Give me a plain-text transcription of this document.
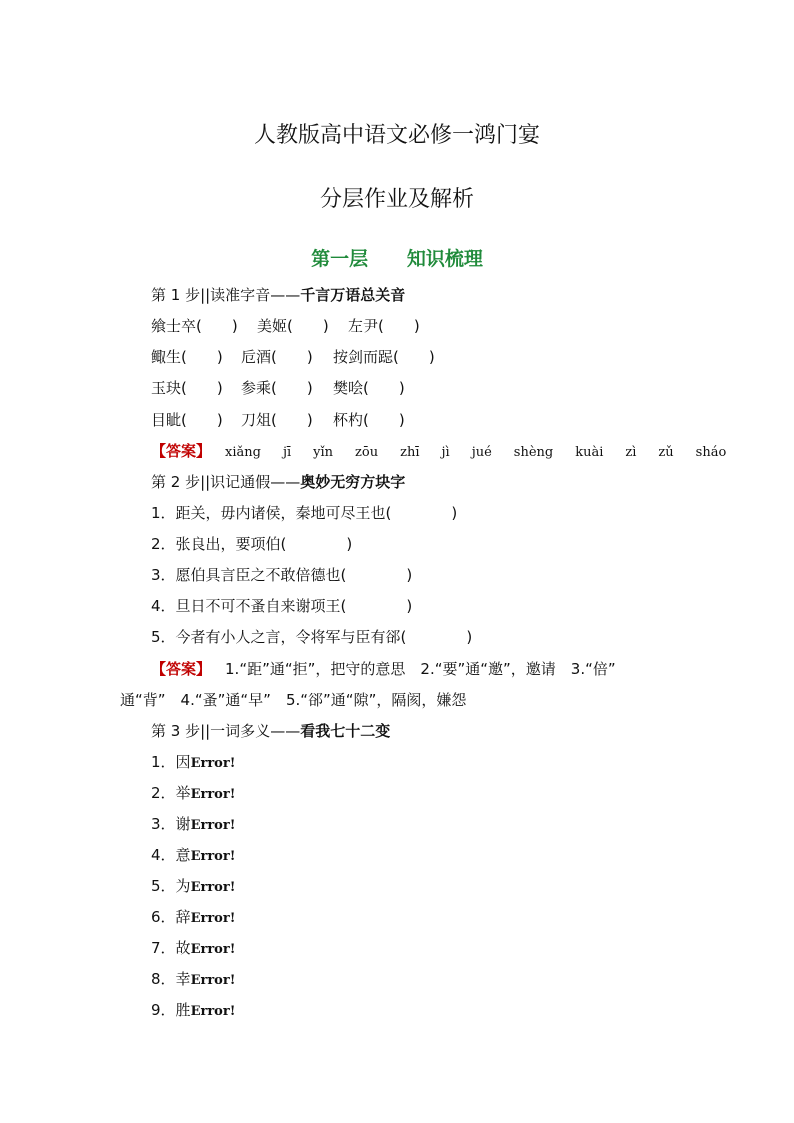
人教版高中语文必修一鸿门宴
分层作业及解析
第一层 知识梳理
第 1 步||读准字音——千言万语总关音
飨士卒(　　) 美姬(　　) 左尹(　　)
鲰生(　　) 卮酒(　　) 按剑而跽(　　)
玉玦(　　) 参乘(　　) 樊哙(　　)
目眦(　　) 刀俎(　　) 杯杓(　　)
【答案】 xiǎng jī yǐn zōu zhī jì jué shèng kuài zì zǔ sháo
第 2 步||识记通假——奥妙无穷方块字
1．距关，毋内诸侯，秦地可尽王也(　　　　)
2．张良出，要项伯(　　　　)
3．愿伯具言臣之不敢倍德也(　　　　)
4．旦日不可不蚤自来谢项王(　　　　)
5．今者有小人之言，令将军与臣有郤(　　　　)
【答案】 1.“距”通“拒”，把守的意思　2.“要”通“邀”，邀请　3.“倍”
通“背”　4.“蚤”通“早”　5.“郤”通“隙”，隔阂，嫌怨
第 3 步||一词多义——看我七十二变
1．因Error!
2．举Error!
3．谢Error!
4．意Error!
5．为Error!
6．辞Error!
7．故Error!
8．幸Error!
9．胜Error!
